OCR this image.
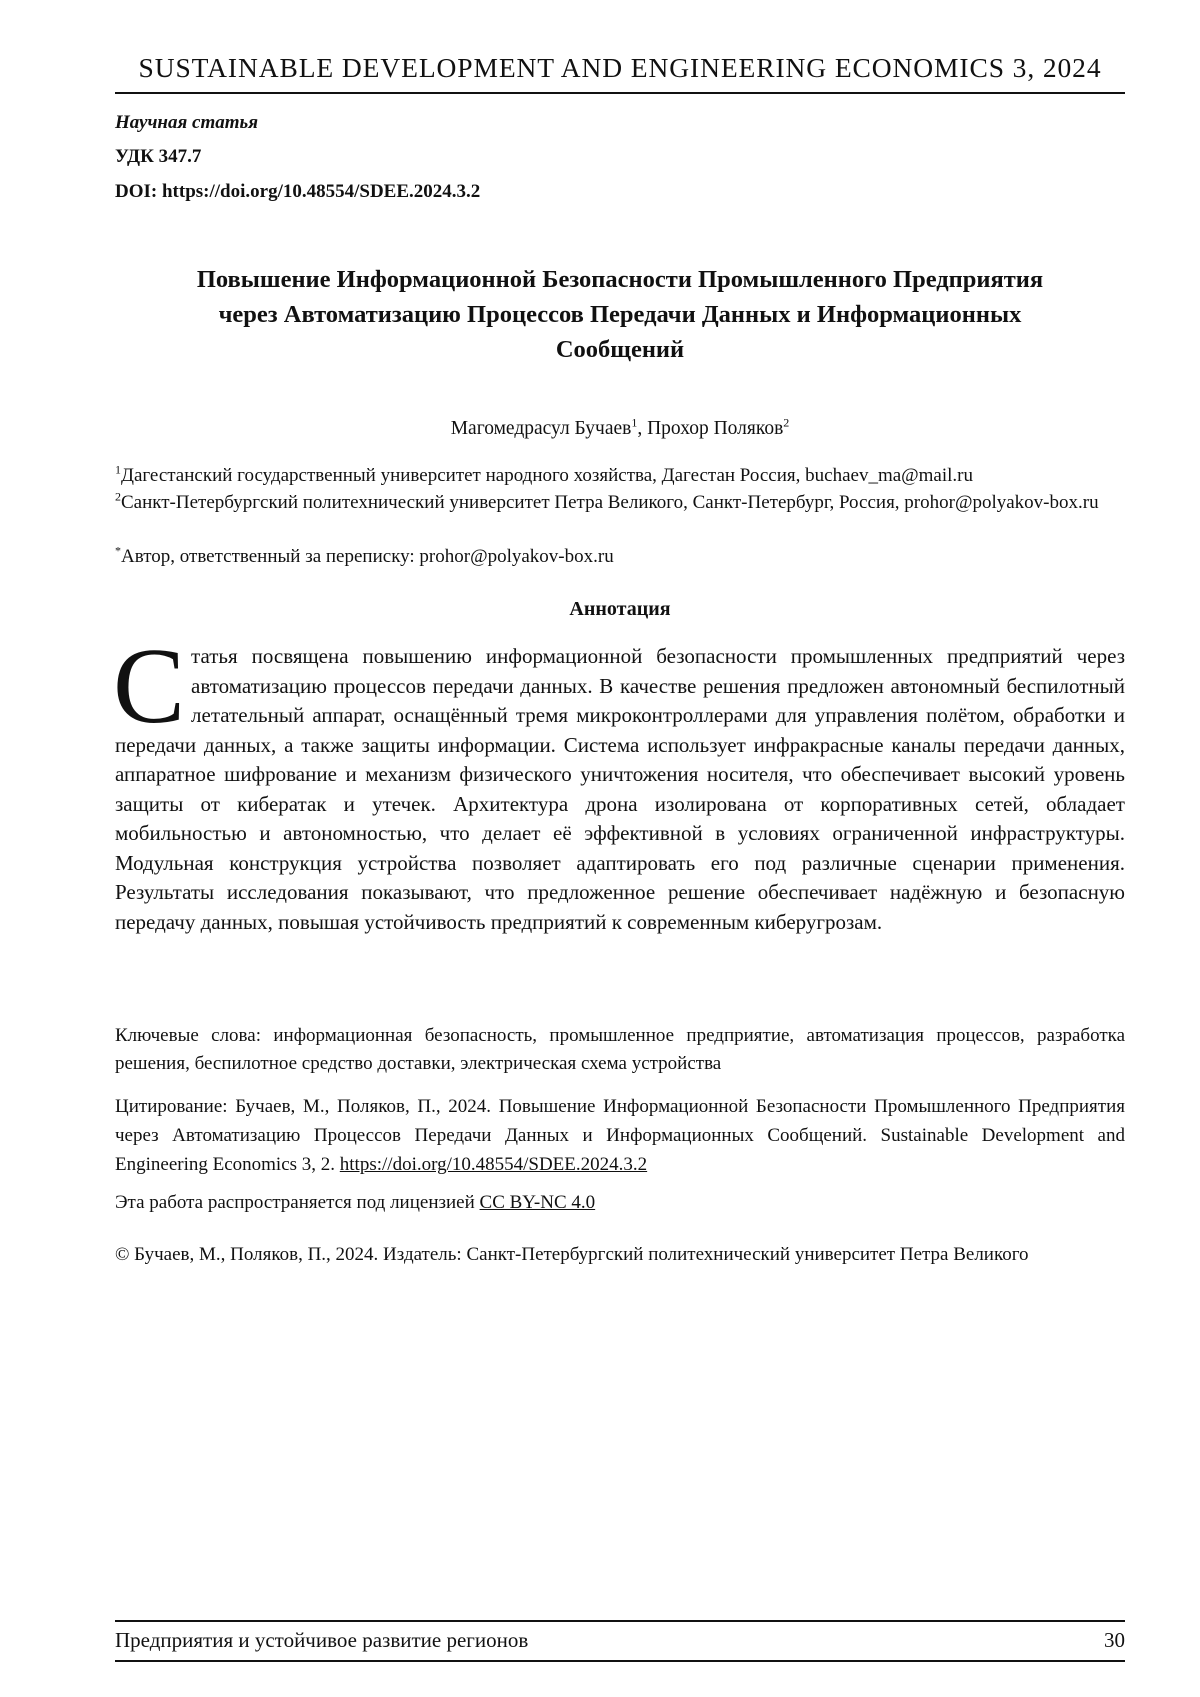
SUSTAINABLE DEVELOPMENT AND ENGINEERING ECONOMICS 3, 2024
Научная статья
УДК 347.7
DOI: https://doi.org/10.48554/SDEE.2024.3.2
Повышение Информационной Безопасности Промышленного Предприятия
через Автоматизацию Процессов Передачи Данных и Информационных
Сообщений
Магомедрасул Бучаев$^1$, Прохор Поляков$^2$
$^1$Дагестанский государственный университет народного хозяйства, Дагестан Россия, buchaev_ma@mail.ru
$^2$Санкт-Петербургский политехнический университет Петра Великого, Санкт-Петербург, Россия, prohor@polyakov-box.ru
*Автор, ответственный за переписку: prohor@polyakov-box.ru
Аннотация
Статья посвящена повышению информационной безопасности промышленных предприятий через автоматизацию процессов передачи данных. В качестве решения предложен автономный беспилотный летательный аппарат, оснащённый тремя микроконтроллерами для управления полётом, обработки и передачи данных, а также защиты информации. Система использует инфракрасные каналы передачи данных, аппаратное шифрование и механизм физического уничтожения носителя, что обеспечивает высокий уровень защиты от кибератак и утечек. Архитектура дрона изолирована от корпоративных сетей, обладает мобильностью и автономностью, что делает её эффективной в условиях ограниченной инфраструктуры. Модульная конструкция устройства позволяет адаптировать его под различные сценарии применения. Результаты исследования показывают, что предложенное решение обеспечивает надёжную и безопасную передачу данных, повышая устойчивость предприятий к современным киберугрозам.
Ключевые слова: информационная безопасность, промышленное предприятие, автоматизация процессов, разработка решения, беспилотное средство доставки, электрическая схема устройства
Цитирование: Бучаев, М., Поляков, П., 2024. Повышение Информационной Безопасности Промышленного Предприятия через Автоматизацию Процессов Передачи Данных и Информационных Сообщений. Sustainable Development and Engineering Economics 3, 2. https://doi.org/10.48554/SDEE.2024.3.2
Эта работа распространяется под лицензией CC BY-NC 4.0
© Бучаев, М., Поляков, П., 2024. Издатель: Санкт-Петербургский политехнический университет Петра Великого
Предприятия и устойчивое развитие регионов	30
